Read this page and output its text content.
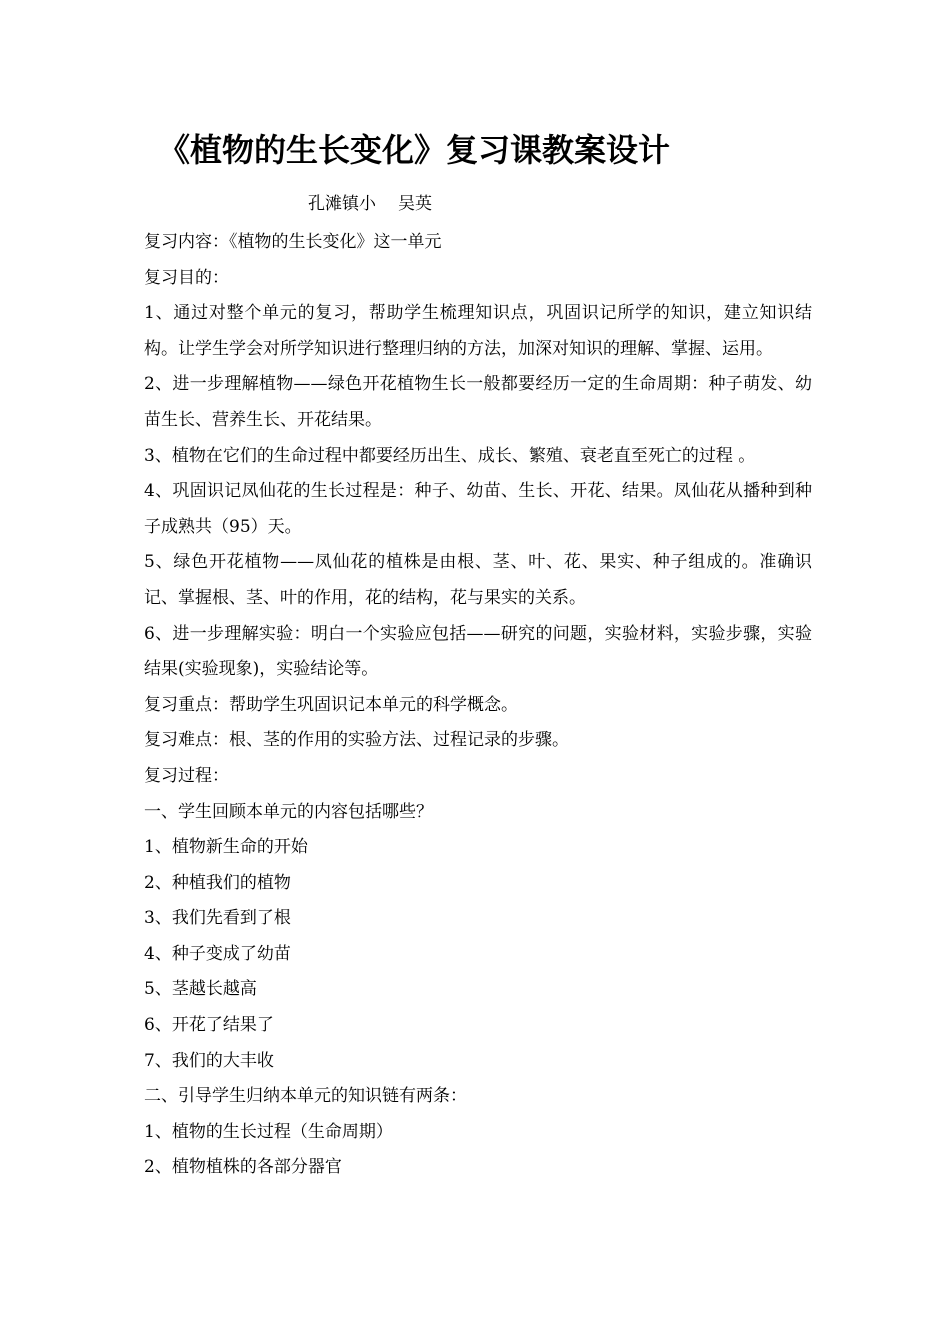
《植物的生长变化》复习课教案设计
孔滩镇小 吴英

复习内容：《植物的生长变化》这一单元

复习目的：

1、通过对整个单元的复习，帮助学生梳理知识点，巩固识记所学的知识，建立知识结构。让学生学会对所学知识进行整理归纳的方法，加深对知识的理解、掌握、运用。

2、进一步理解植物——绿色开花植物生长一般都要经历一定的生命周期：种子萌发、幼苗生长、营养生长、开花结果。

3、植物在它们的生命过程中都要经历出生、成长、繁殖、衰老直至死亡的过程 。

4、巩固识记凤仙花的生长过程是：种子、幼苗、生长、开花、结果。凤仙花从播种到种子成熟共（95）天。

5、绿色开花植物——凤仙花的植株是由根、茎、叶、花、果实、种子组成的。准确识记、掌握根、茎、叶的作用，花的结构，花与果实的关系。

6、进一步理解实验：明白一个实验应包括——研究的问题，实验材料，实验步骤，实验结果(实验现象)，实验结论等。

复习重点：帮助学生巩固识记本单元的科学概念。

复习难点：根、茎的作用的实验方法、过程记录的步骤。

复习过程：

一、学生回顾本单元的内容包括哪些？

1、植物新生命的开始

2、种植我们的植物

3、我们先看到了根

4、种子变成了幼苗

5、茎越长越高

6、开花了结果了

7、我们的大丰收

二、引导学生归纳本单元的知识链有两条：

1、植物的生长过程（生命周期）

2、植物植株的各部分器官
